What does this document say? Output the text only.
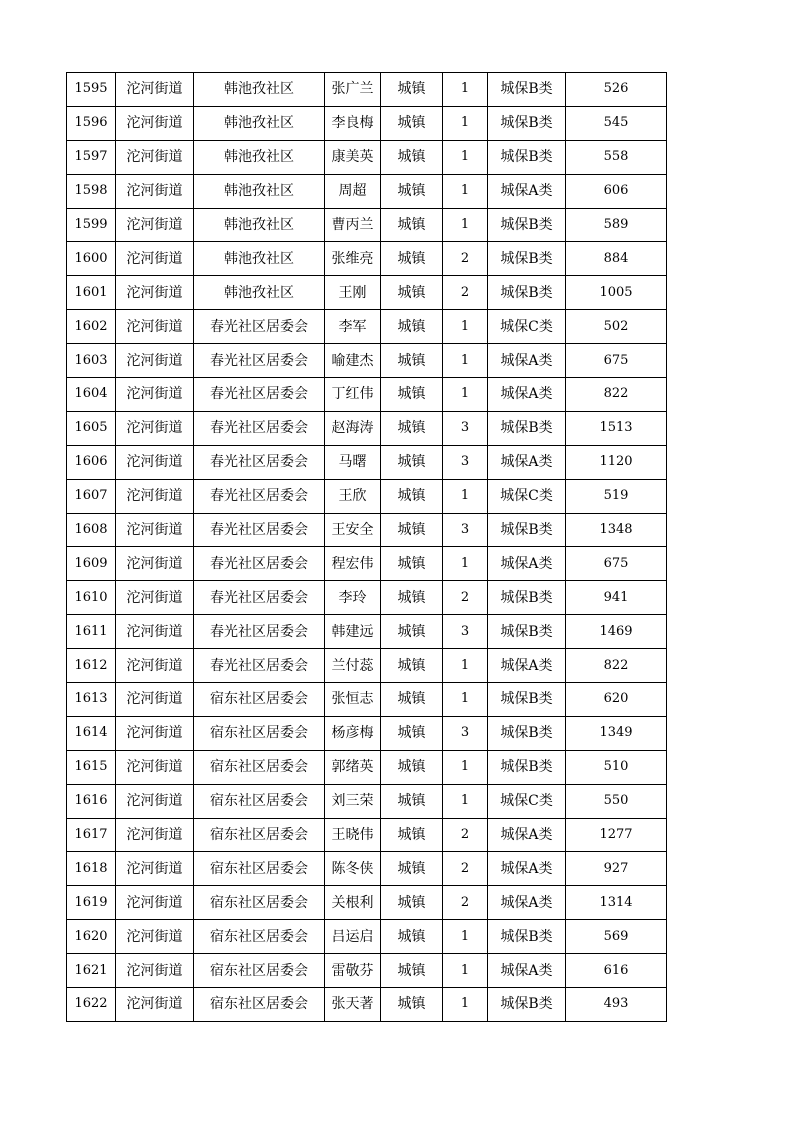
1595	沱河街道	韩池孜社区	张广兰	城镇	1	城保B类	526
1596	沱河街道	韩池孜社区	李良梅	城镇	1	城保B类	545
1597	沱河街道	韩池孜社区	康美英	城镇	1	城保B类	558
1598	沱河街道	韩池孜社区	周超	城镇	1	城保A类	606
1599	沱河街道	韩池孜社区	曹丙兰	城镇	1	城保B类	589
1600	沱河街道	韩池孜社区	张维亮	城镇	2	城保B类	884
1601	沱河街道	韩池孜社区	王刚	城镇	2	城保B类	1005
1602	沱河街道	春光社区居委会	李军	城镇	1	城保C类	502
1603	沱河街道	春光社区居委会	喻建杰	城镇	1	城保A类	675
1604	沱河街道	春光社区居委会	丁红伟	城镇	1	城保A类	822
1605	沱河街道	春光社区居委会	赵海涛	城镇	3	城保B类	1513
1606	沱河街道	春光社区居委会	马曙	城镇	3	城保A类	1120
1607	沱河街道	春光社区居委会	王欣	城镇	1	城保C类	519
1608	沱河街道	春光社区居委会	王安全	城镇	3	城保B类	1348
1609	沱河街道	春光社区居委会	程宏伟	城镇	1	城保A类	675
1610	沱河街道	春光社区居委会	李玲	城镇	2	城保B类	941
1611	沱河街道	春光社区居委会	韩建远	城镇	3	城保B类	1469
1612	沱河街道	春光社区居委会	兰付蕊	城镇	1	城保A类	822
1613	沱河街道	宿东社区居委会	张恒志	城镇	1	城保B类	620
1614	沱河街道	宿东社区居委会	杨彦梅	城镇	3	城保B类	1349
1615	沱河街道	宿东社区居委会	郭绪英	城镇	1	城保B类	510
1616	沱河街道	宿东社区居委会	刘三荣	城镇	1	城保C类	550
1617	沱河街道	宿东社区居委会	王晓伟	城镇	2	城保A类	1277
1618	沱河街道	宿东社区居委会	陈冬侠	城镇	2	城保A类	927
1619	沱河街道	宿东社区居委会	关根利	城镇	2	城保A类	1314
1620	沱河街道	宿东社区居委会	吕运启	城镇	1	城保B类	569
1621	沱河街道	宿东社区居委会	雷敬芬	城镇	1	城保A类	616
1622	沱河街道	宿东社区居委会	张天著	城镇	1	城保B类	493
